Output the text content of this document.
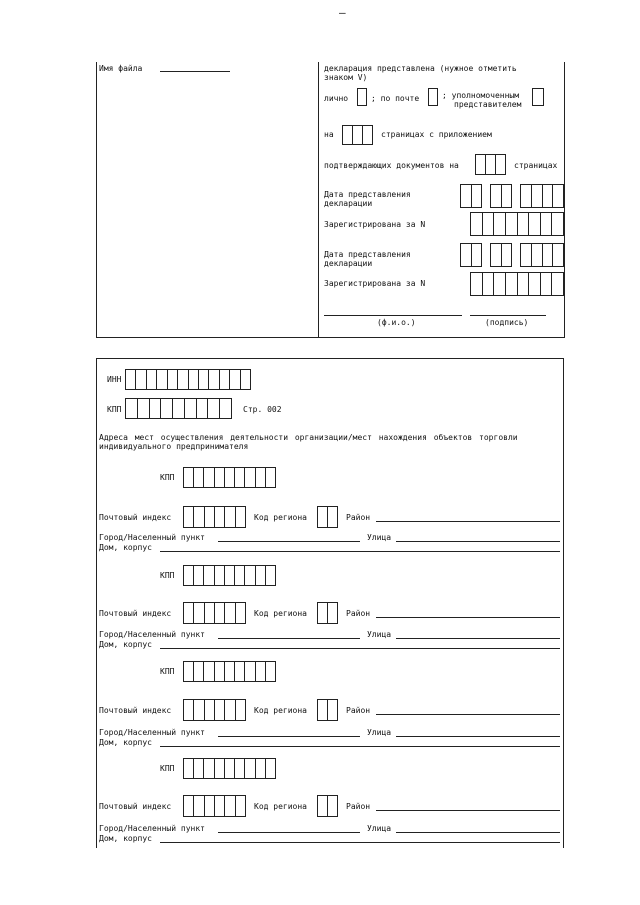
–
Имя файла	декларация представлена (нужное отметить
знаком V)
лично	; по почте	; уполномоченным
представителем
на	страницах с приложением
подтверждающих документов на	страницах
Дата представления
декларации
Зарегистрирована за N
Дата представления
декларации
Зарегистрирована за N
(ф.и.о.)	(подпись)
ИНН
КПП	Стр. 002
Адреса мест осуществления деятельности организации/мест нахождения объектов торговли
индивидуального предпринимателя
КПП
Почтовый индекс	Код региона	Район
Город/Населенный пункт	Улица
Дом, корпус
КПП
Почтовый индекс	Код региона	Район
Город/Населенный пункт	Улица
Дом, корпус
КПП
Почтовый индекс	Код региона	Район
Город/Населенный пункт	Улица
Дом, корпус
КПП
Почтовый индекс	Код региона	Район
Город/Населенный пункт	Улица
Дом, корпус
